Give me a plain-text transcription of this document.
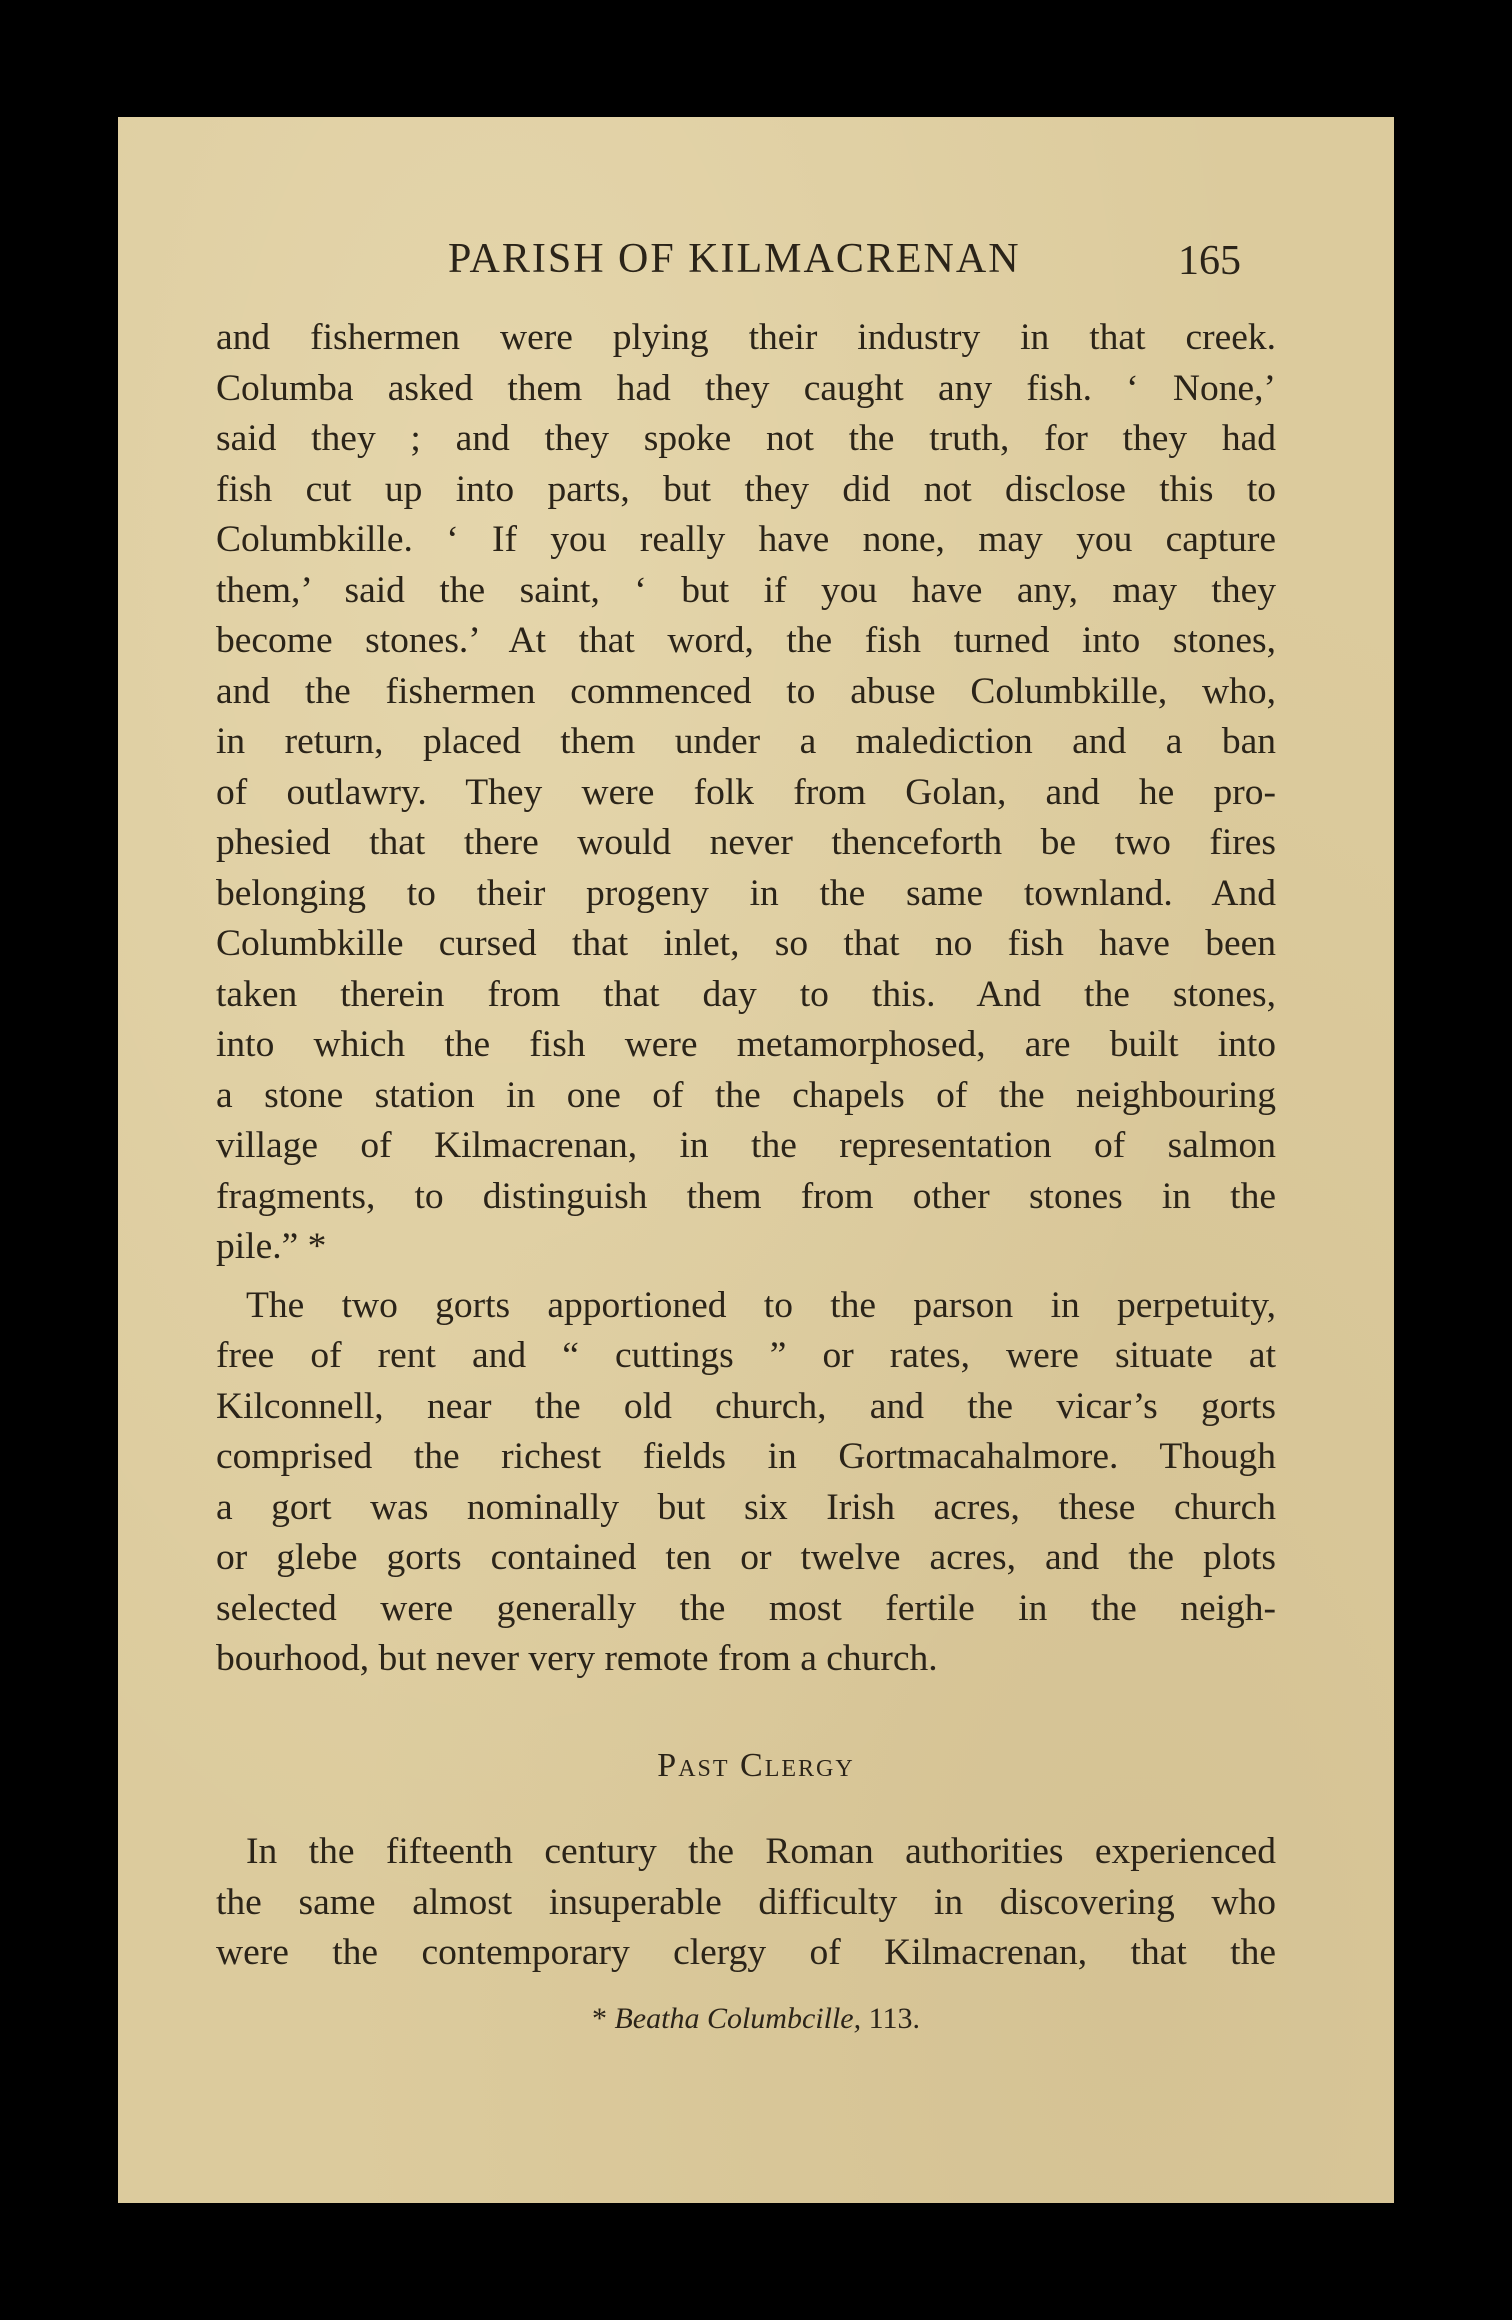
PARISH OF KILMACRENAN	165
and fishermen were plying their industry in that creek.
Columba asked them had they caught any fish. ‘ None,’
said they ; and they spoke not the truth, for they had
fish cut up into parts, but they did not disclose this to
Columbkille. ‘ If you really have none, may you capture
them,’ said the saint, ‘ but if you have any, may they
become stones.’ At that word, the fish turned into stones,
and the fishermen commenced to abuse Columbkille, who,
in return, placed them under a malediction and a ban
of outlawry. They were folk from Golan, and he pro-
phesied that there would never thenceforth be two fires
belonging to their progeny in the same townland. And
Columbkille cursed that inlet, so that no fish have been
taken therein from that day to this. And the stones,
into which the fish were metamorphosed, are built into
a stone station in one of the chapels of the neighbouring
village of Kilmacrenan, in the representation of salmon
fragments, to distinguish them from other stones in the
pile.” *
The two gorts apportioned to the parson in perpetuity,
free of rent and “ cuttings ” or rates, were situate at
Kilconnell, near the old church, and the vicar’s gorts
comprised the richest fields in Gortmacahalmore. Though
a gort was nominally but six Irish acres, these church
or glebe gorts contained ten or twelve acres, and the plots
selected were generally the most fertile in the neigh-
bourhood, but never very remote from a church.
Past Clergy
In the fifteenth century the Roman authorities experienced
the same almost insuperable difficulty in discovering who
were the contemporary clergy of Kilmacrenan, that the
* Beatha Columbcille, 113.
